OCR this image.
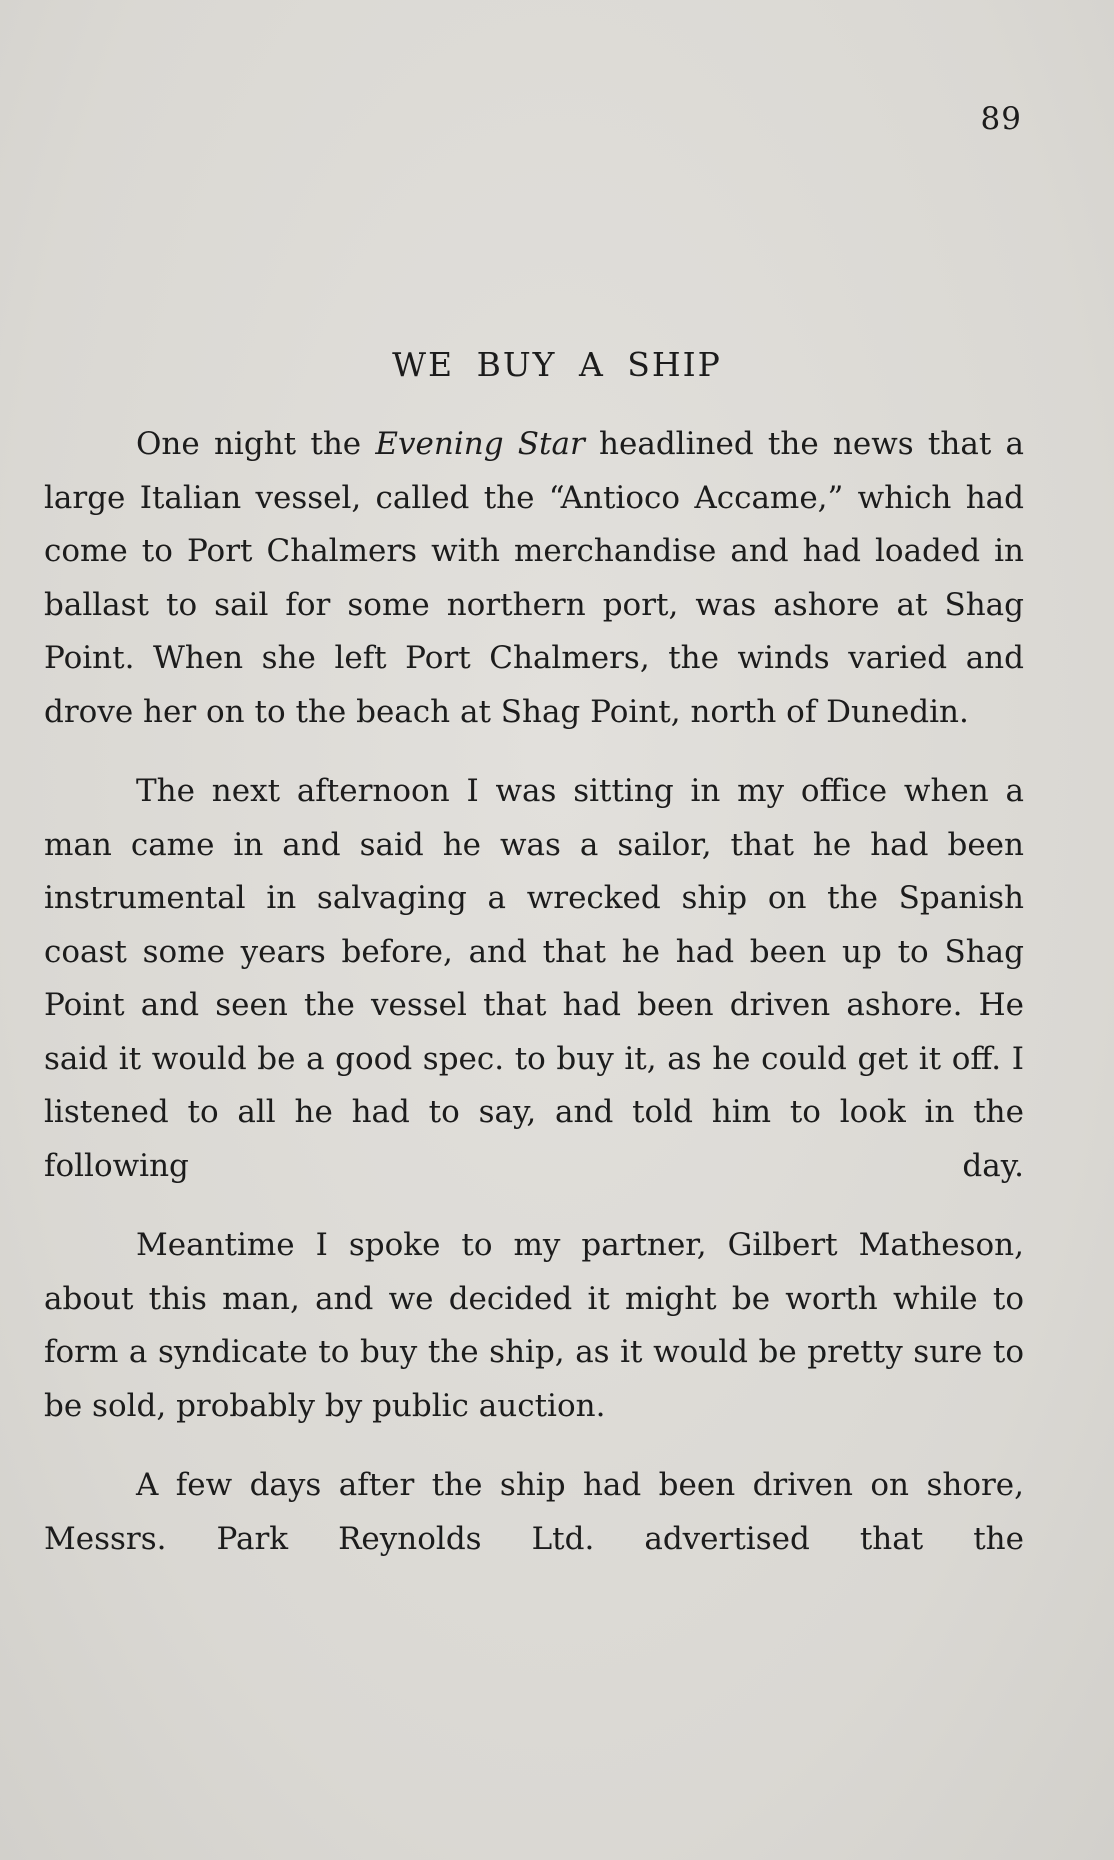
89
WE BUY A SHIP

One night the Evening Star headlined the news that a large Italian vessel, called the “Antioco Accame,” which had come to Port Chalmers with merchandise and had loaded in ballast to sail for some northern port, was ashore at Shag Point. When she left Port Chalmers, the winds varied and drove her on to the beach at Shag Point, north of Dunedin.

The next afternoon I was sitting in my office when a man came in and said he was a sailor, that he had been instrumental in salvaging a wrecked ship on the Spanish coast some years before, and that he had been up to Shag Point and seen the vessel that had been driven ashore. He said it would be a good spec. to buy it, as he could get it off. I listened to all he had to say, and told him to look in the following day.

Meantime I spoke to my partner, Gilbert Matheson, about this man, and we decided it might be worth while to form a syndicate to buy the ship, as it would be pretty sure to be sold, probably by public auction.

A few days after the ship had been driven on shore, Messrs. Park Reynolds Ltd. advertised that the
